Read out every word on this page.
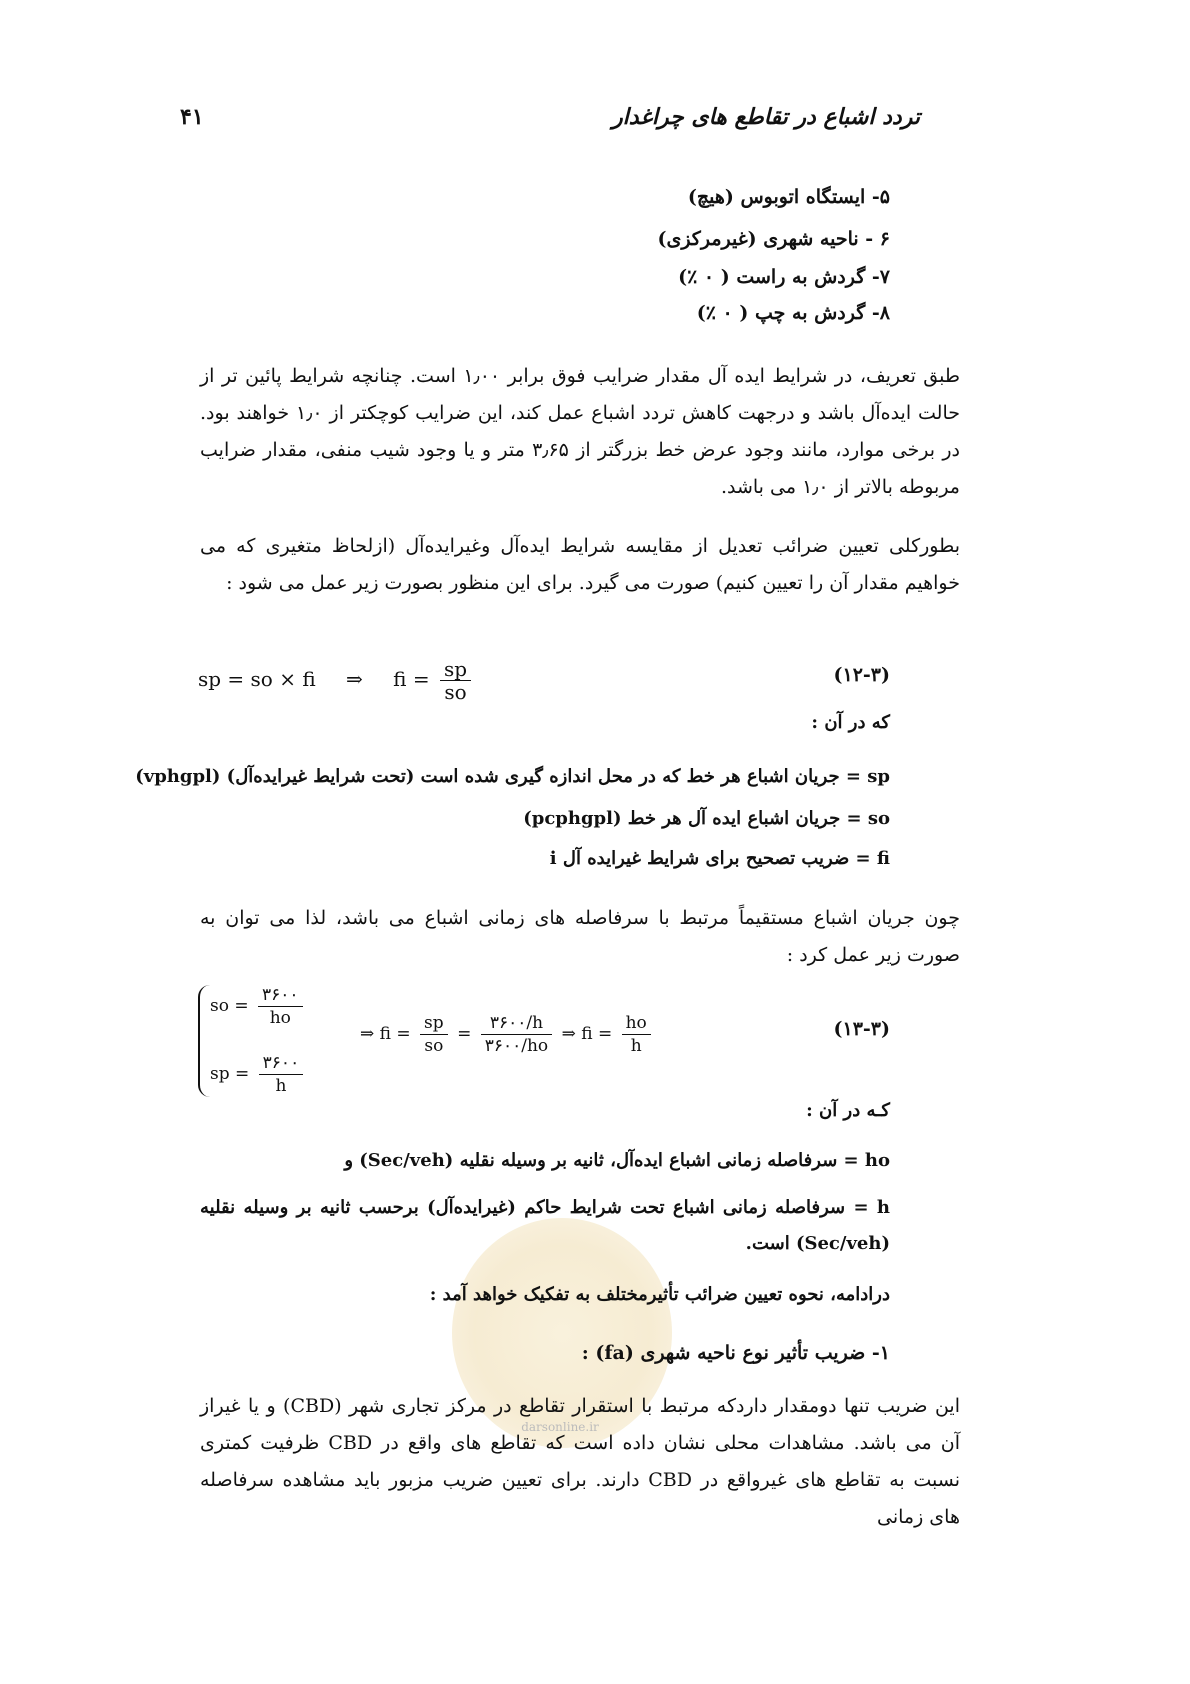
۴۱	تردد اشباع در تقاطع های چراغدار
۵- ایستگاه اتوبوس (هیچ)
۶ - ناحیه شهری (غیرمرکزی)
۷- گردش به راست ( ۰ ٪)
۸- گردش به چپ ( ۰ ٪)
طبق تعریف، در شرایط ایده آل مقدار ضرایب فوق برابر ۱٫۰۰ است. چنانچه شرایط پائین تر از حالت ایده‌آل باشد و درجهت کاهش تردد اشباع عمل کند، این ضرایب کوچکتر از ۱٫۰ خواهند بود. در برخی موارد، مانند وجود عرض خط بزرگتر از ۳٫۶۵ متر و یا وجود شیب منفی، مقدار ضرایب مربوطه بالاتر از ۱٫۰ می باشد.
بطورکلی تعیین ضرائب تعدیل از مقایسه شرایط ایده‌آل وغیرایده‌آل (ازلحاظ متغیری که می خواهیم مقدار آن را تعیین کنیم) صورت می گیرد. برای این منظور بصورت زیر عمل می شود :
sp = so × fi ⇒ fi = $\frac{sp}{so}$	(۱۲-۳)
که در آن :
sp = جریان اشباع هر خط که در محل اندازه گیری شده است (تحت شرایط غیرایده‌آل) (vphgpl)
so = جریان اشباع ایده آل هر خط (pcphgpl)
fi = ضریب تصحیح برای شرایط غیرایده آل i
چون جریان اشباع مستقیماً مرتبط با سرفاصله های زمانی اشباع می باشد، لذا می توان به صورت زیر عمل کرد :
so = $\frac{۳۶۰۰}{ho}$
sp = $\frac{۳۶۰۰}{h}$
⇒ fi = $\frac{sp}{so} = \frac{۳۶۰۰/h}{۳۶۰۰/ho}$ ⇒ fi = $\frac{ho}{h}$	(۱۳-۳)
کـه در آن :
ho = سرفاصله زمانی اشباع ایده‌آل، ثانیه بر وسیله نقلیه (Sec/veh) و
h = سرفاصله زمانی اشباع تحت شرایط حاکم (غیرایده‌آل) برحسب ثانیه بر وسیله نقلیه (Sec/veh) است.
darsonline.ir
درادامه، نحوه تعیین ضرائب تأثیرمختلف به تفکیک خواهد آمد :
۱- ضریب تأثیر نوع ناحیه شهری (fa) :
این ضریب تنها دومقدار داردکه مرتبط با استقرار تقاطع در مرکز تجاری شهر (CBD) و یا غیراز آن می باشد. مشاهدات محلی نشان داده است که تقاطع های واقع در CBD ظرفیت کمتری نسبت به تقاطع های غیرواقع در CBD دارند. برای تعیین ضریب مزبور باید مشاهده سرفاصله های زمانی
